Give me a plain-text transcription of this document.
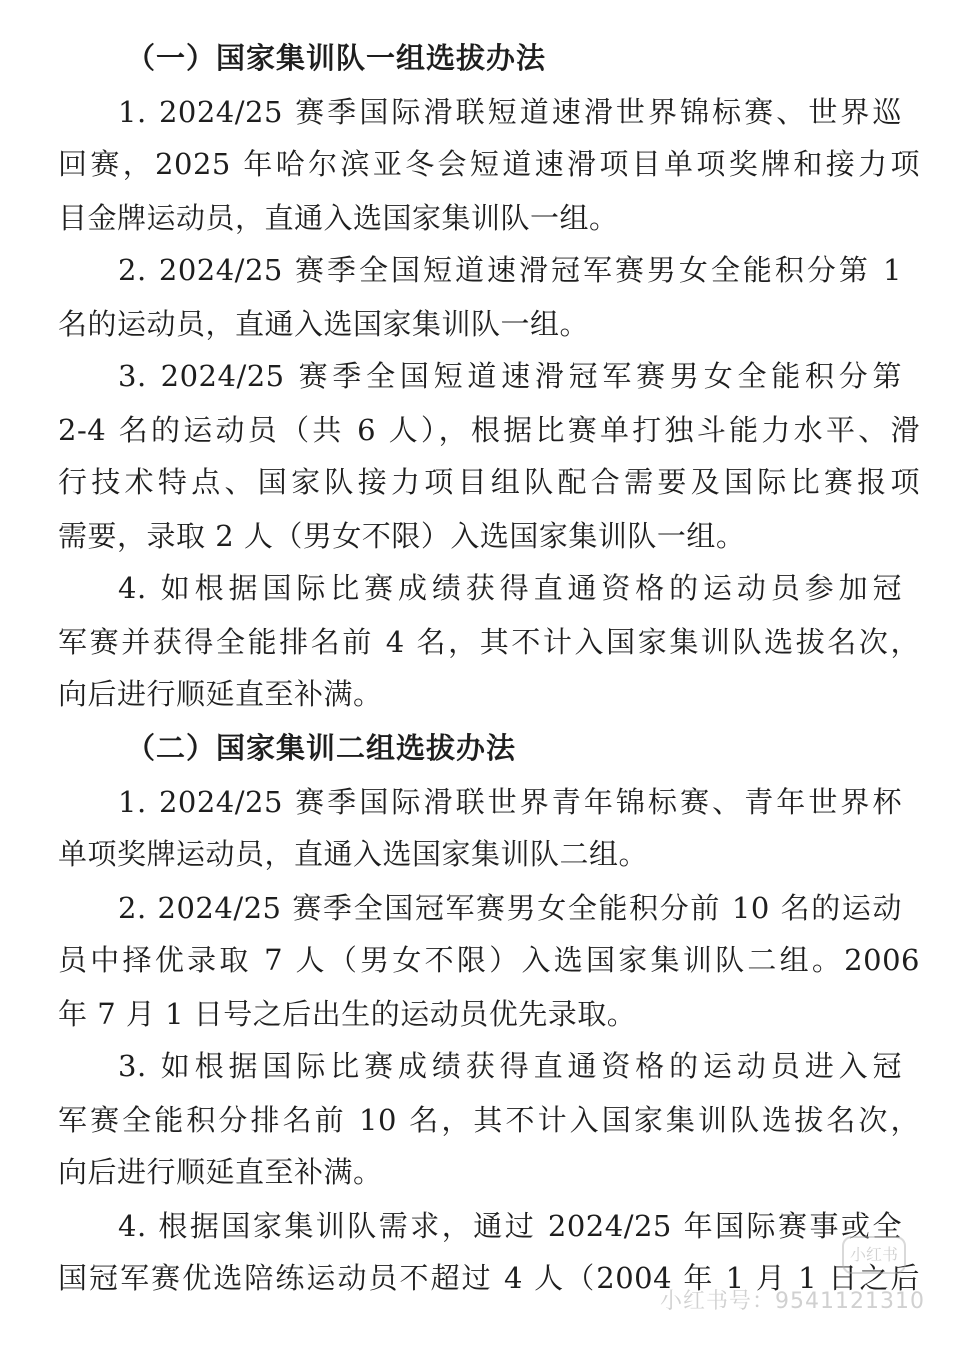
（一）国家集训队一组选拔办法
1. 2024/25 赛季国际滑联短道速滑世界锦标赛、世界巡
回赛，2025 年哈尔滨亚冬会短道速滑项目单项奖牌和接力项
目金牌运动员，直通入选国家集训队一组。
2. 2024/25 赛季全国短道速滑冠军赛男女全能积分第 1
名的运动员，直通入选国家集训队一组。
3. 2024/25 赛季全国短道速滑冠军赛男女全能积分第
2-4 名的运动员（共 6 人），根据比赛单打独斗能力水平、滑
行技术特点、国家队接力项目组队配合需要及国际比赛报项
需要，录取 2 人（男女不限）入选国家集训队一组。
4. 如根据国际比赛成绩获得直通资格的运动员参加冠
军赛并获得全能排名前 4 名，其不计入国家集训队选拔名次，
向后进行顺延直至补满。
（二）国家集训二组选拔办法
1. 2024/25 赛季国际滑联世界青年锦标赛、青年世界杯
单项奖牌运动员，直通入选国家集训队二组。
2. 2024/25 赛季全国冠军赛男女全能积分前 10 名的运动
员中择优录取 7 人（男女不限）入选国家集训队二组。2006
年 7 月 1 日号之后出生的运动员优先录取。
3. 如根据国际比赛成绩获得直通资格的运动员进入冠
军赛全能积分排名前 10 名，其不计入国家集训队选拔名次，
向后进行顺延直至补满。
4. 根据国家集训队需求，通过 2024/25 年国际赛事或全
国冠军赛优选陪练运动员不超过 4 人（2004 年 1 月 1 日之后
小红书
小红书号：9541121310
